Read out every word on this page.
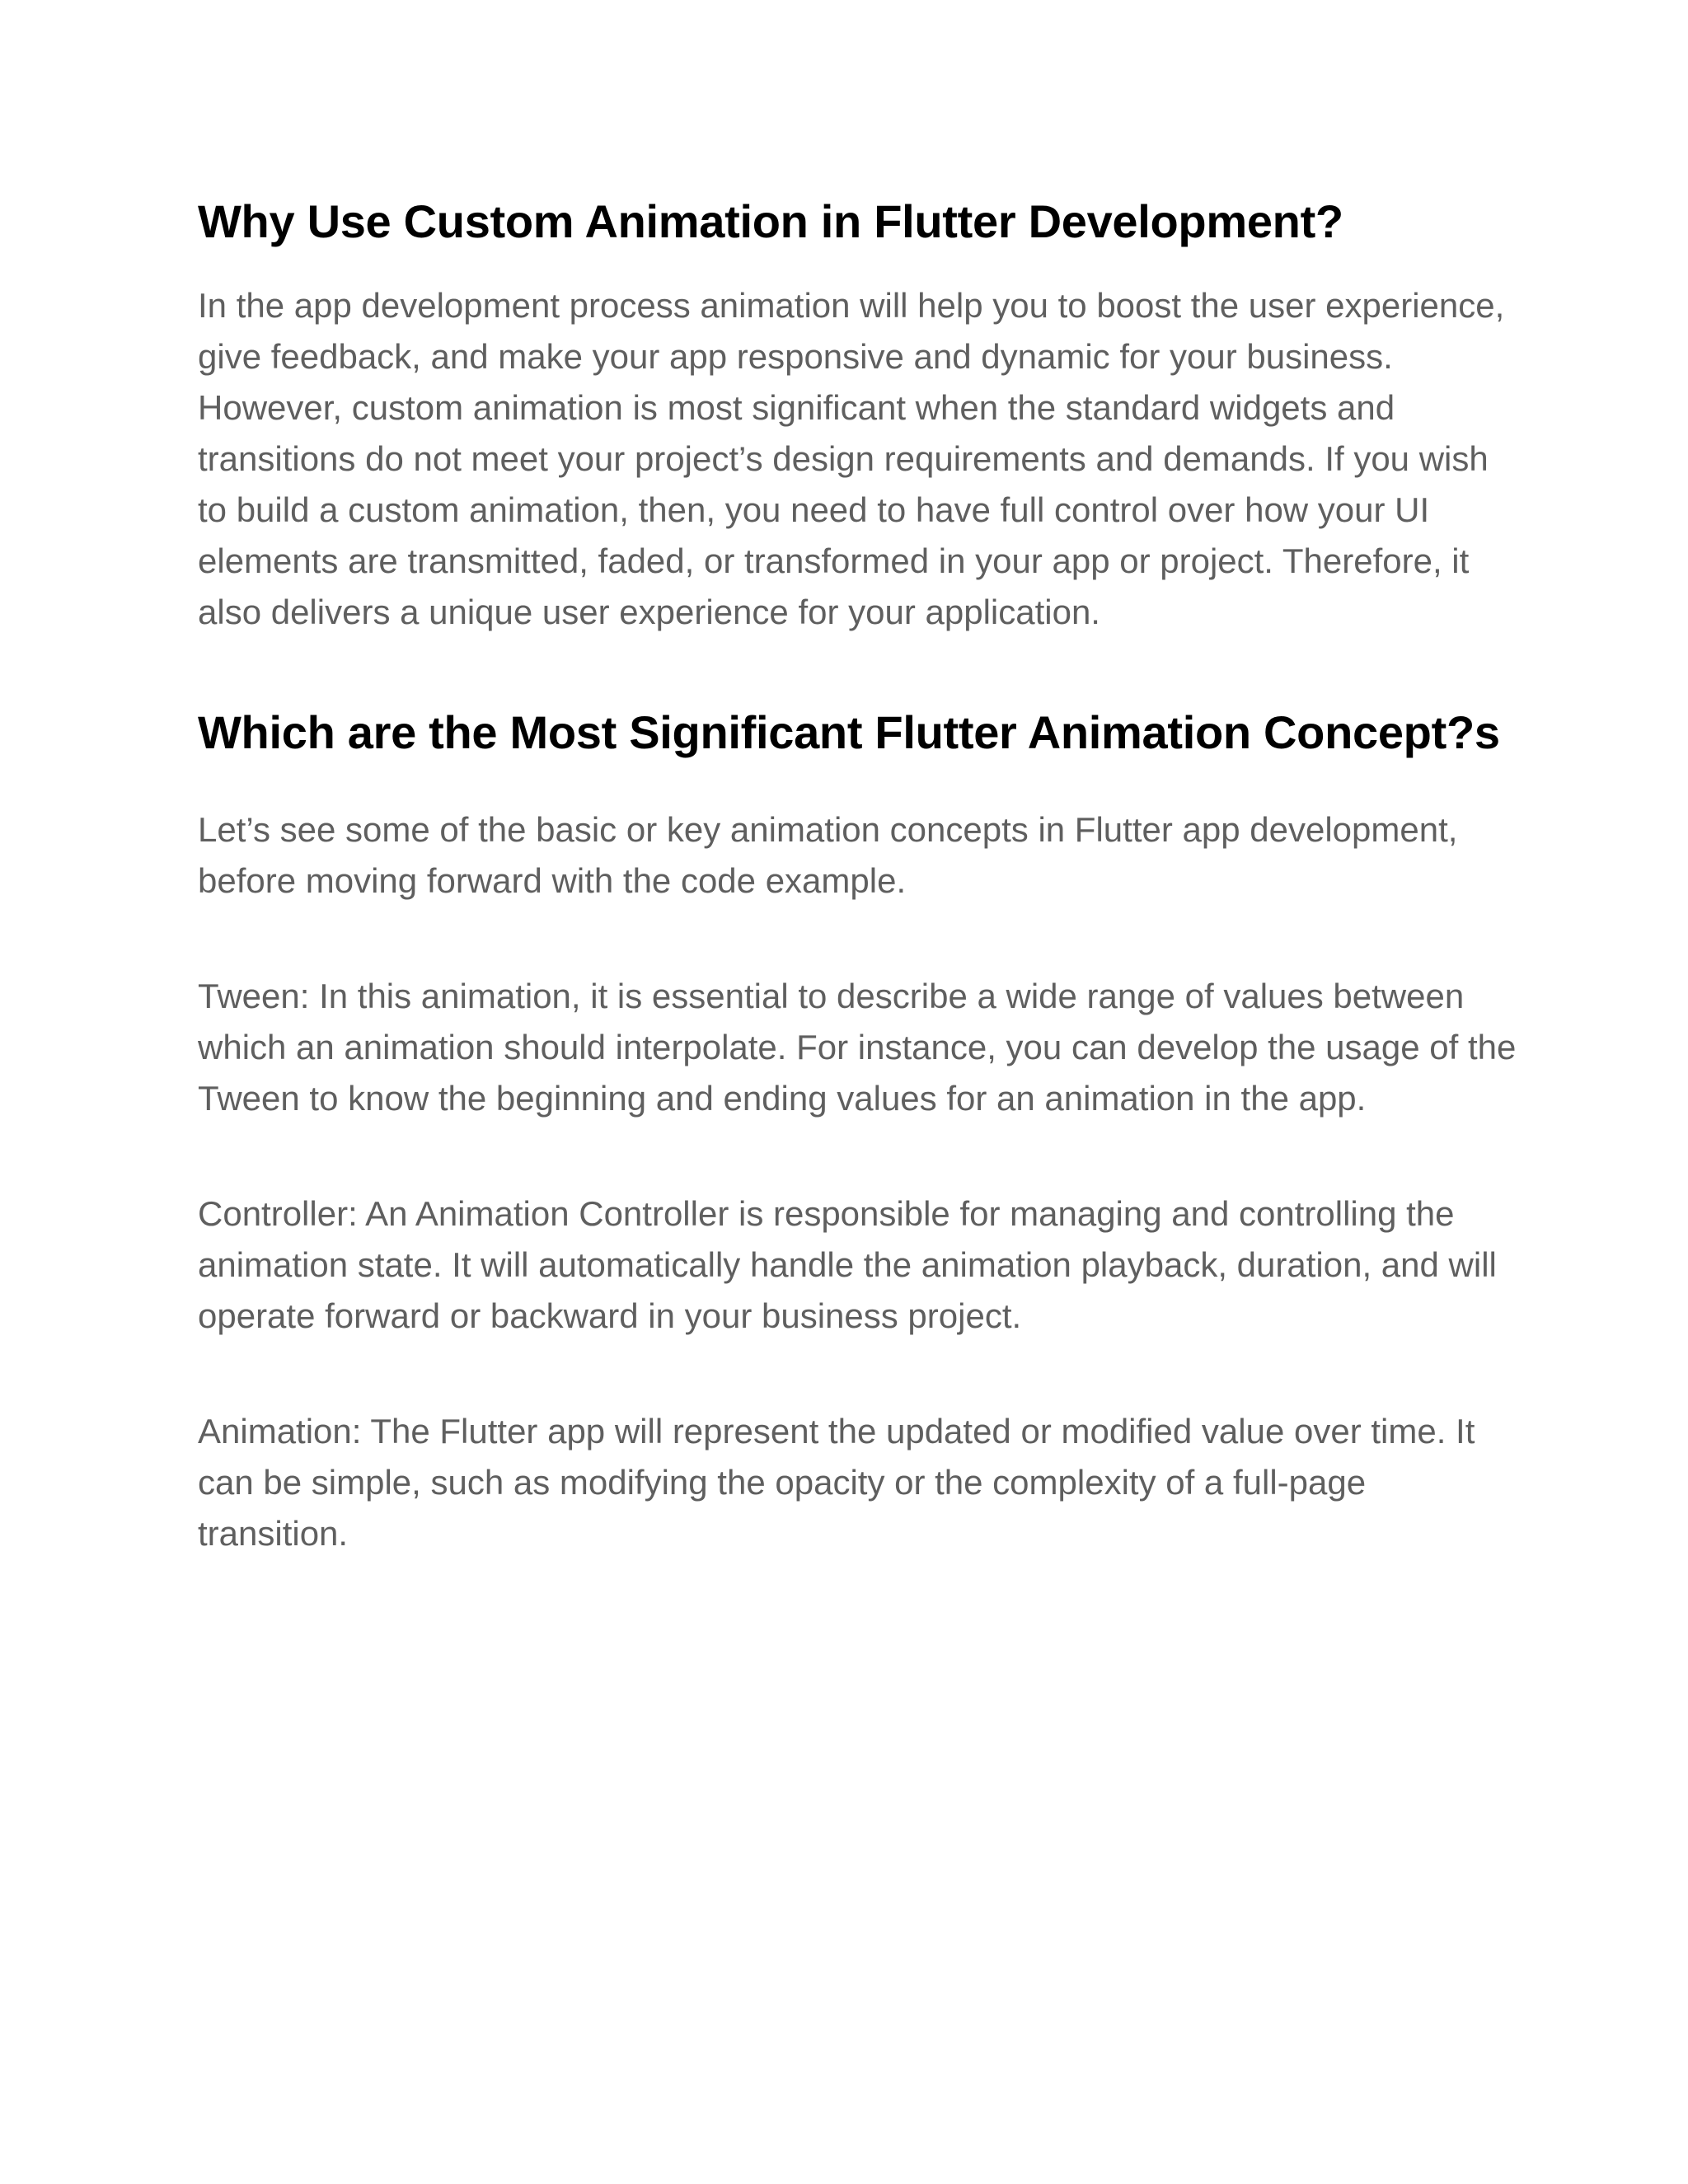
Why Use Custom Animation in Flutter Development?

In the app development process animation will help you to boost the user experience, give feedback, and make your app responsive and dynamic for your business. However, custom animation is most significant when the standard widgets and transitions do not meet your project’s design requirements and demands. If you wish to build a custom animation, then, you need to have full control over how your UI elements are transmitted, faded, or transformed in your app or project. Therefore, it also delivers a unique user experience for your application.

Which are the Most Significant Flutter Animation Concept?s

Let’s see some of the basic or key animation concepts in Flutter app development, before moving forward with the code example.

Tween: In this animation, it is essential to describe a wide range of values between which an animation should interpolate. For instance, you can develop the usage of the Tween to know the beginning and ending values for an animation in the app.

Controller: An Animation Controller is responsible for managing and controlling the animation state. It will automatically handle the animation playback, duration, and will operate forward or backward in your business project.

Animation: The Flutter app will represent the updated or modified value over time. It can be simple, such as modifying the opacity or the complexity of a full-page transition.
